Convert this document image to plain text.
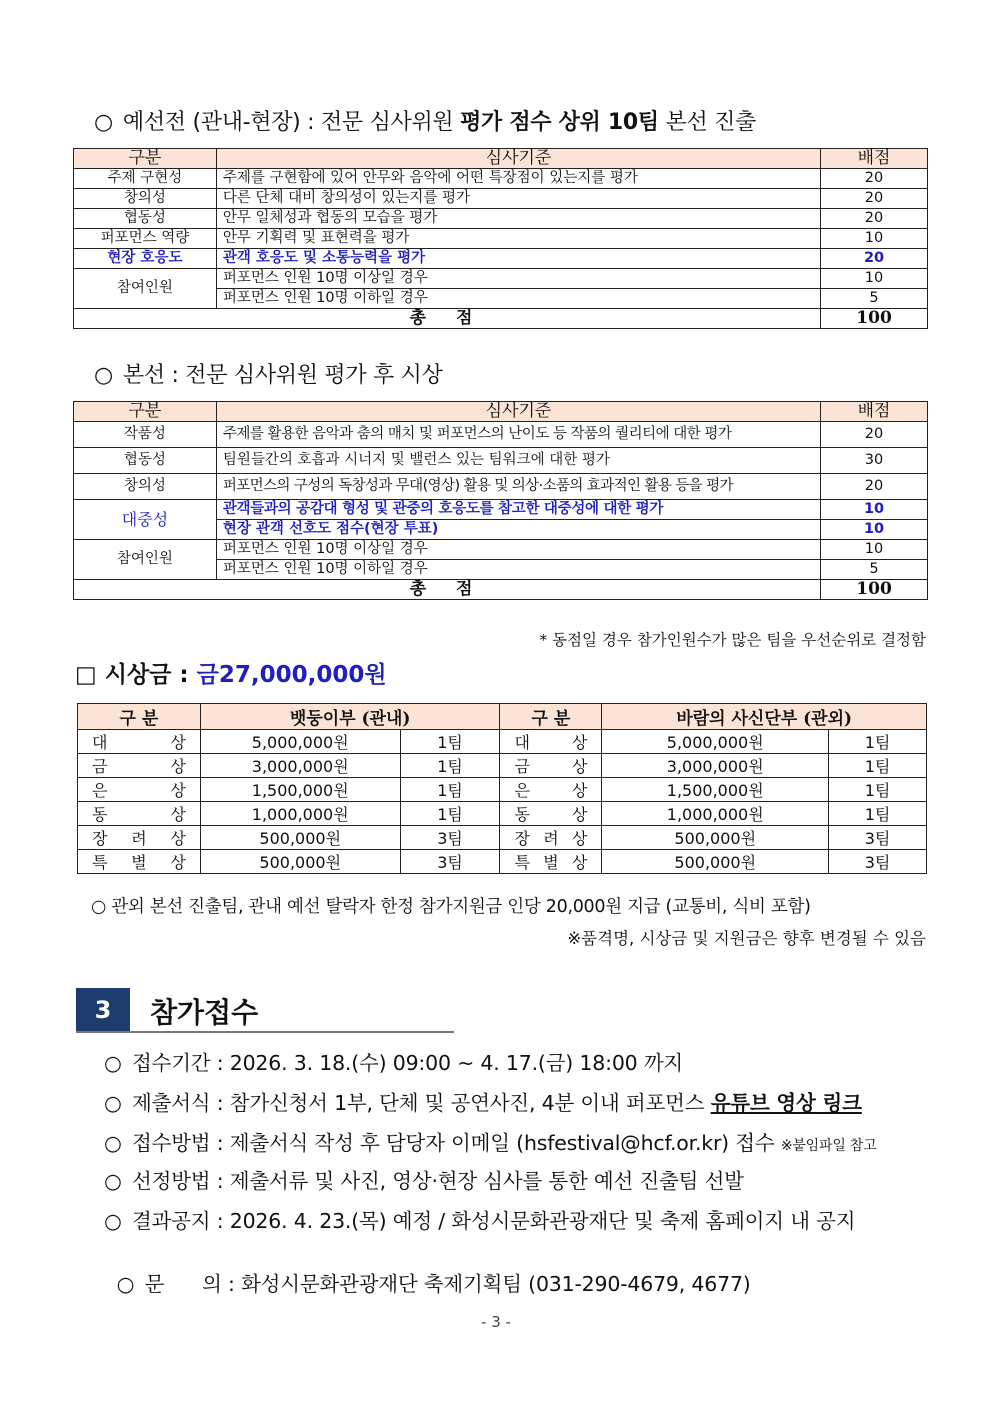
○ 예선전 (관내-현장) : 전문 심사위원 평가 점수 상위 10팀 본선 진출
구분	심사기준	배점
주제 구현성	주제를 구현함에 있어 안무와 음악에 어떤 특장점이 있는지를 평가	20
창의성	다른 단체 대비 창의성이 있는지를 평가	20
협동성	안무 일체성과 협동의 모습을 평가	20
퍼포먼스 역량	안무 기획력 및 표현력을 평가	10
현장 호응도	관객 호응도 및 소통능력을 평가	20
참여인원	퍼포먼스 인원 10명 이상일 경우	10
	퍼포먼스 인원 10명 이하일 경우	5
총 점		100
○ 본선 : 전문 심사위원 평가 후 시상
구분	심사기준	배점
작품성	주제를 활용한 음악과 춤의 매치 및 퍼포먼스의 난이도 등 작품의 퀄리티에 대한 평가	20
협동성	팀원들간의 호흡과 시너지 및 밸런스 있는 팀워크에 대한 평가	30
창의성	퍼포먼스의 구성의 독창성과 무대(영상) 활용 및 의상·소품의 효과적인 활용 등을 평가	20
대중성	관객들과의 공감대 형성 및 관중의 호응도를 참고한 대중성에 대한 평가	10
	현장 관객 선호도 점수(현장 투표)	10
참여인원	퍼포먼스 인원 10명 이상일 경우	10
	퍼포먼스 인원 10명 이하일 경우	5
총 점		100
* 동점일 경우 참가인원수가 많은 팀을 우선순위로 결정함
□ 시상금 : 금27,000,000원
구 분	뱃둥이부 (관내)		구 분	바람의 사신단부 (관외)	
대 상	5,000,000원	1팀	대 상	5,000,000원	1팀
금 상	3,000,000원	1팀	금 상	3,000,000원	1팀
은 상	1,500,000원	1팀	은 상	1,500,000원	1팀
동 상	1,000,000원	1팀	동 상	1,000,000원	1팀
장 려 상	500,000원	3팀	장 려 상	500,000원	3팀
특 별 상	500,000원	3팀	특 별 상	500,000원	3팀
○ 관외 본선 진출팀, 관내 예선 탈락자 한정 참가지원금 인당 20,000원 지급 (교통비, 식비 포함)
※품격명, 시상금 및 지원금은 향후 변경될 수 있음
3	참가접수
○ 접수기간 : 2026. 3. 18.(수) 09:00 ~ 4. 17.(금) 18:00 까지
○ 제출서식 : 참가신청서 1부, 단체 및 공연사진, 4분 이내 퍼포먼스 유튜브 영상 링크
○ 접수방법 : 제출서식 작성 후 담당자 이메일 (hsfestival@hcf.or.kr) 접수 ※붙임파일 참고
○ 선정방법 : 제출서류 및 사진, 영상·현장 심사를 통한 예선 진출팀 선발
○ 결과공지 : 2026. 4. 23.(목) 예정 / 화성시문화관광재단 및 축제 홈페이지 내 공지

○ 문      의 : 화성시문화관광재단 축제기획팀 (031-290-4679, 4677)

- 3 -
